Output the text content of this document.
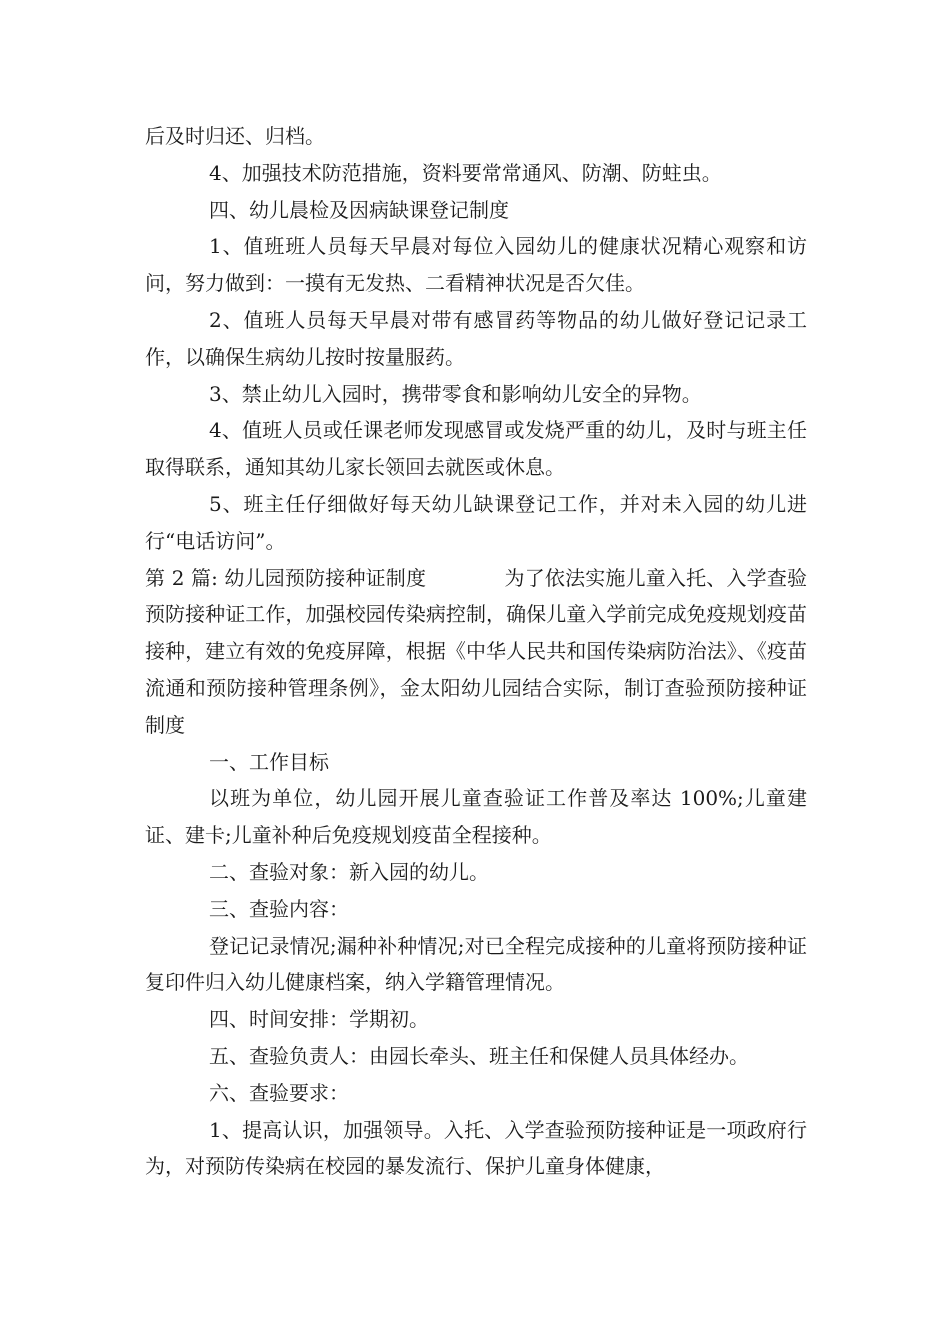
后及时归还、归档。

4、加强技术防范措施，资料要常常通风、防潮、防蛀虫。

四、幼儿晨检及因病缺课登记制度

1、值班班人员每天早晨对每位入园幼儿的健康状况精心观察和访问，努力做到：一摸有无发热、二看精神状况是否欠佳。

2、值班人员每天早晨对带有感冒药等物品的幼儿做好登记记录工作，以确保生病幼儿按时按量服药。

3、禁止幼儿入园时，携带零食和影响幼儿安全的异物。

4、值班人员或任课老师发现感冒或发烧严重的幼儿，及时与班主任取得联系，通知其幼儿家长领回去就医或休息。

5、班主任仔细做好每天幼儿缺课登记工作，并对未入园的幼儿进行“电话访问”。

第 2 篇: 幼儿园预防接种证制度            为了依法实施儿童入托、入学查验预防接种证工作，加强校园传染病控制，确保儿童入学前完成免疫规划疫苗接种，建立有效的免疫屏障，根据《中华人民共和国传染病防治法》、《疫苗流通和预防接种管理条例》，金太阳幼儿园结合实际，制订查验预防接种证制度

一、工作目标

以班为单位，幼儿园开展儿童查验证工作普及率达 100%;儿童建证、建卡;儿童补种后免疫规划疫苗全程接种。

二、查验对象：新入园的幼儿。

三、查验内容：

登记记录情况;漏种补种情况;对已全程完成接种的儿童将预防接种证复印件归入幼儿健康档案，纳入学籍管理情况。

四、时间安排：学期初。

五、查验负责人：由园长牵头、班主任和保健人员具体经办。

六、查验要求：

1、提高认识，加强领导。入托、入学查验预防接种证是一项政府行为，对预防传染病在校园的暴发流行、保护儿童身体健康，
